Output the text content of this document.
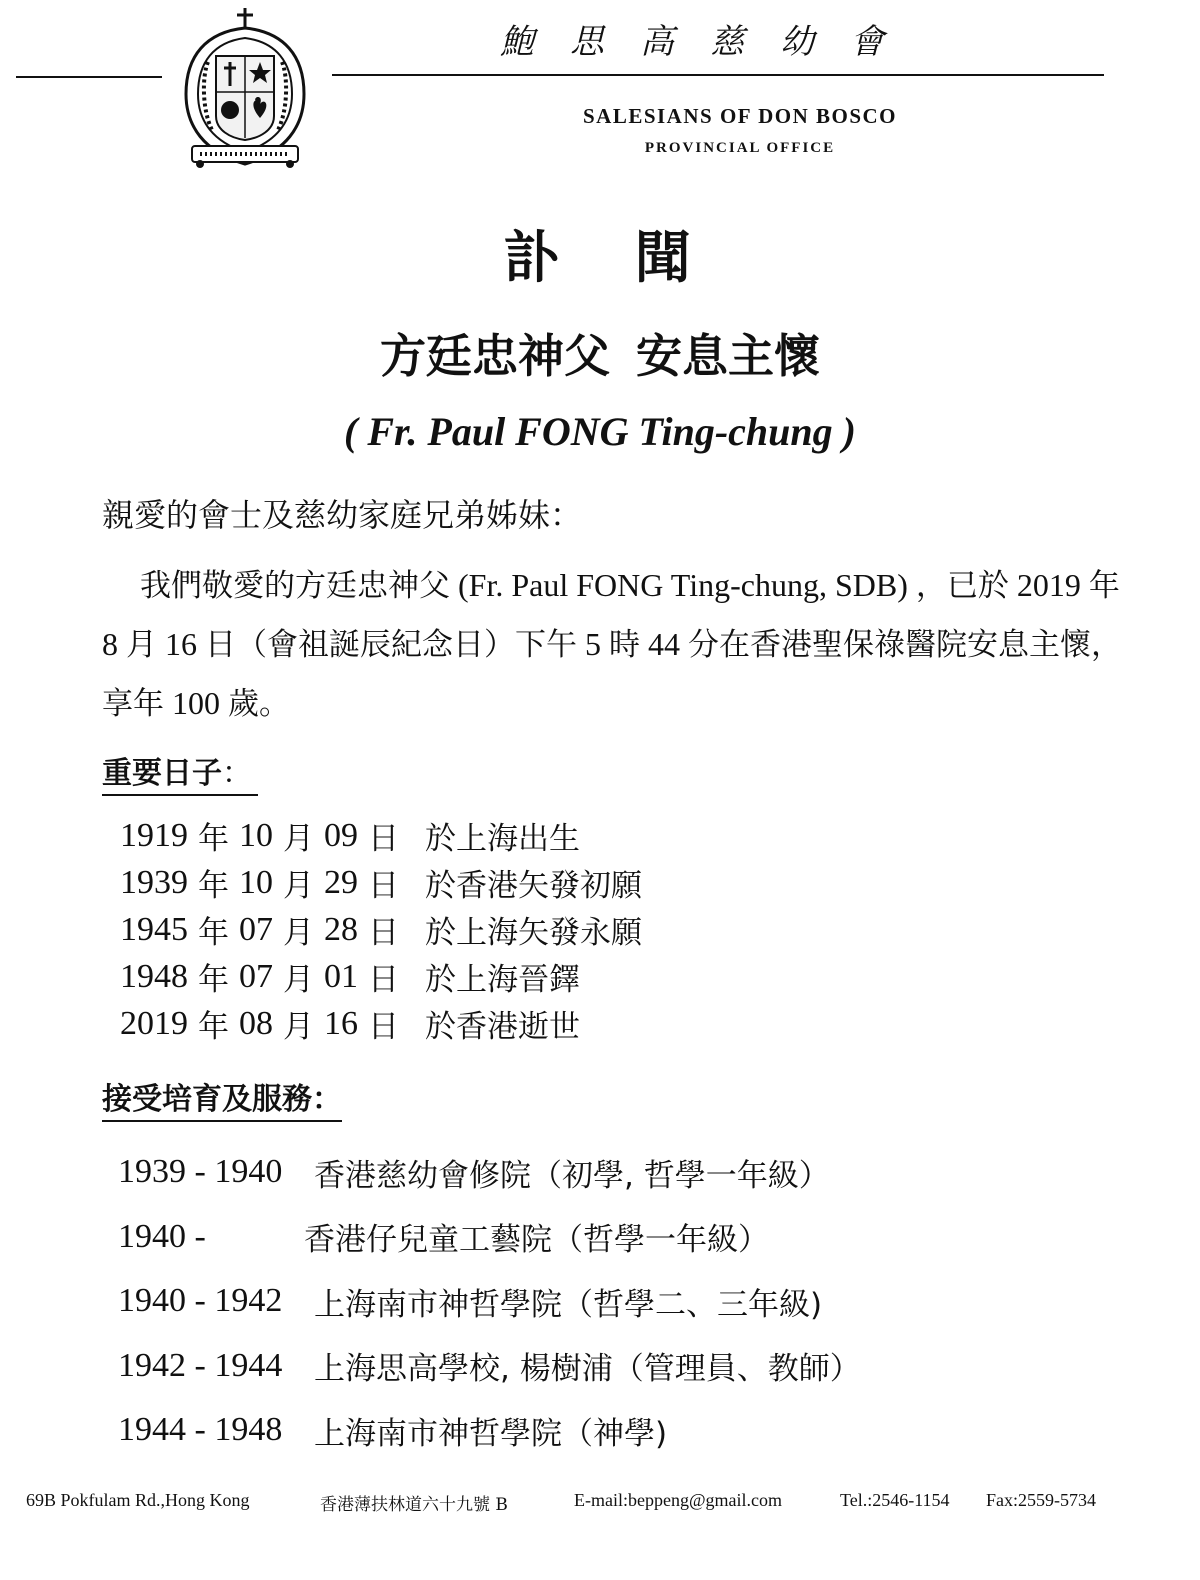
鮑思高慈幼會
SALESIANS OF DON BOSCO
PROVINCIAL OFFICE
訃 聞
方廷忠神父 安息主懷
( Fr. Paul FONG Ting-chung )
親愛的會士及慈幼家庭兄弟姊妹：
我們敬愛的方廷忠神父 (Fr. Paul FONG Ting-chung, SDB) ，已於 2019 年 8 月 16 日（會祖誕辰紀念日）下午 5 時 44 分在香港聖保祿醫院安息主懷，享年 100 歲。
重要日子：
1919 年 10 月 09 日 於上海出生
1939 年 10 月 29 日 於香港矢發初願
1945 年 07 月 28 日 於上海矢發永願
1948 年 07 月 01 日 於上海晉鐸
2019 年 08 月 16 日 於香港逝世
接受培育及服務：
1939 - 1940	香港慈幼會修院（初學, 哲學一年級）
1940 -	香港仔兒童工藝院（哲學一年級）
1940 - 1942	上海南市神哲學院（哲學二、三年級)
1942 - 1944	上海思高學校, 楊樹浦（管理員、教師）
1944 - 1948	上海南市神哲學院（神學)
69B Pokfulam Rd.,Hong Kong	香港薄扶林道六十九號 B	E-mail:beppeng@gmail.com	Tel.:2546-1154 Fax:2559-5734
